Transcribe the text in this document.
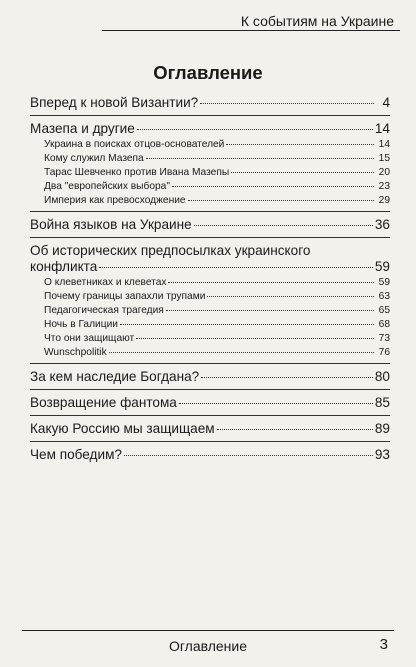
К событиям на Украине
Оглавление
Вперед к новой Византии?	4
Мазепа и другие	14
Украина в поисках отцов-основателей	14
Кому служил Мазепа	15
Тарас Шевченко против Ивана Мазепы	20
Два "европейских выбора"	23
Империя как превосходжение	29
Война языков на Украине	36
Об исторических предпосылках украинского
конфликта	59
О клеветниках и клеветах	59
Почему границы запахли трупами	63
Педагогическая трагедия	65
Ночь в Галиции	68
Что они защищают	73
Wunschpolitik	76
За кем наследие Богдана?	80
Возвращение фантома	85
Какую Россию мы защищаем	89
Чем победим?	93
Оглавление	3
